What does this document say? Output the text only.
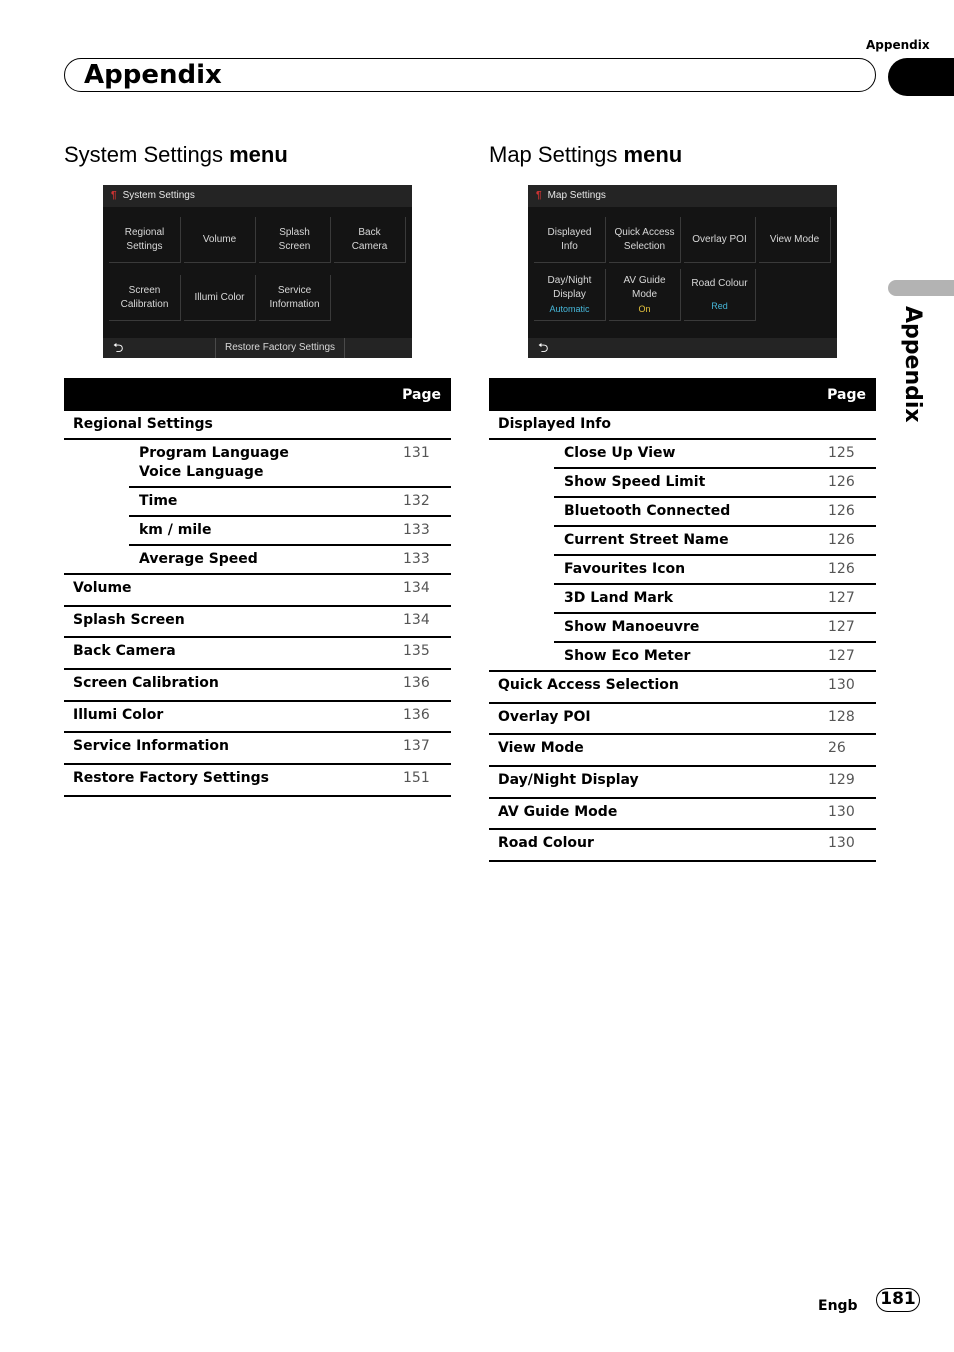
Appendix
Appendix
Appendix
System Settings menu
¶ System Settings
Regional
Settings
Volume
Splash
Screen
Back
Camera
Screen
Calibration
Illumi Color
Service
Information
⮌	Restore Factory Settings
Page		
Regional Settings		

	Program Language
Voice Language	131
	Time	132
	km / mile	133
	Average Speed	133
Volume		134
Splash Screen		134
Back Camera		135
Screen Calibration		136
Illumi Color		136
Service Information		137
Restore Factory Settings		151
Map Settings menu
¶ Map Settings
Displayed
Info
Quick Access
Selection
Overlay POI View Mode
Day/Night
Display
Automatic
AV Guide
Mode
On
Road Colour
Red
⮌
Page		
Displayed Info		
	Close Up View	125
	Show Speed Limit	126
	Bluetooth Connected	126
	Current Street Name	126
	Favourites Icon	126
	3D Land Mark	127
	Show Manoeuvre	127
	Show Eco Meter	127
Quick Access Selection		130
Overlay POI		128
View Mode		26
Day/Night Display		129
AV Guide Mode		130
Road Colour		130
Engb 181
